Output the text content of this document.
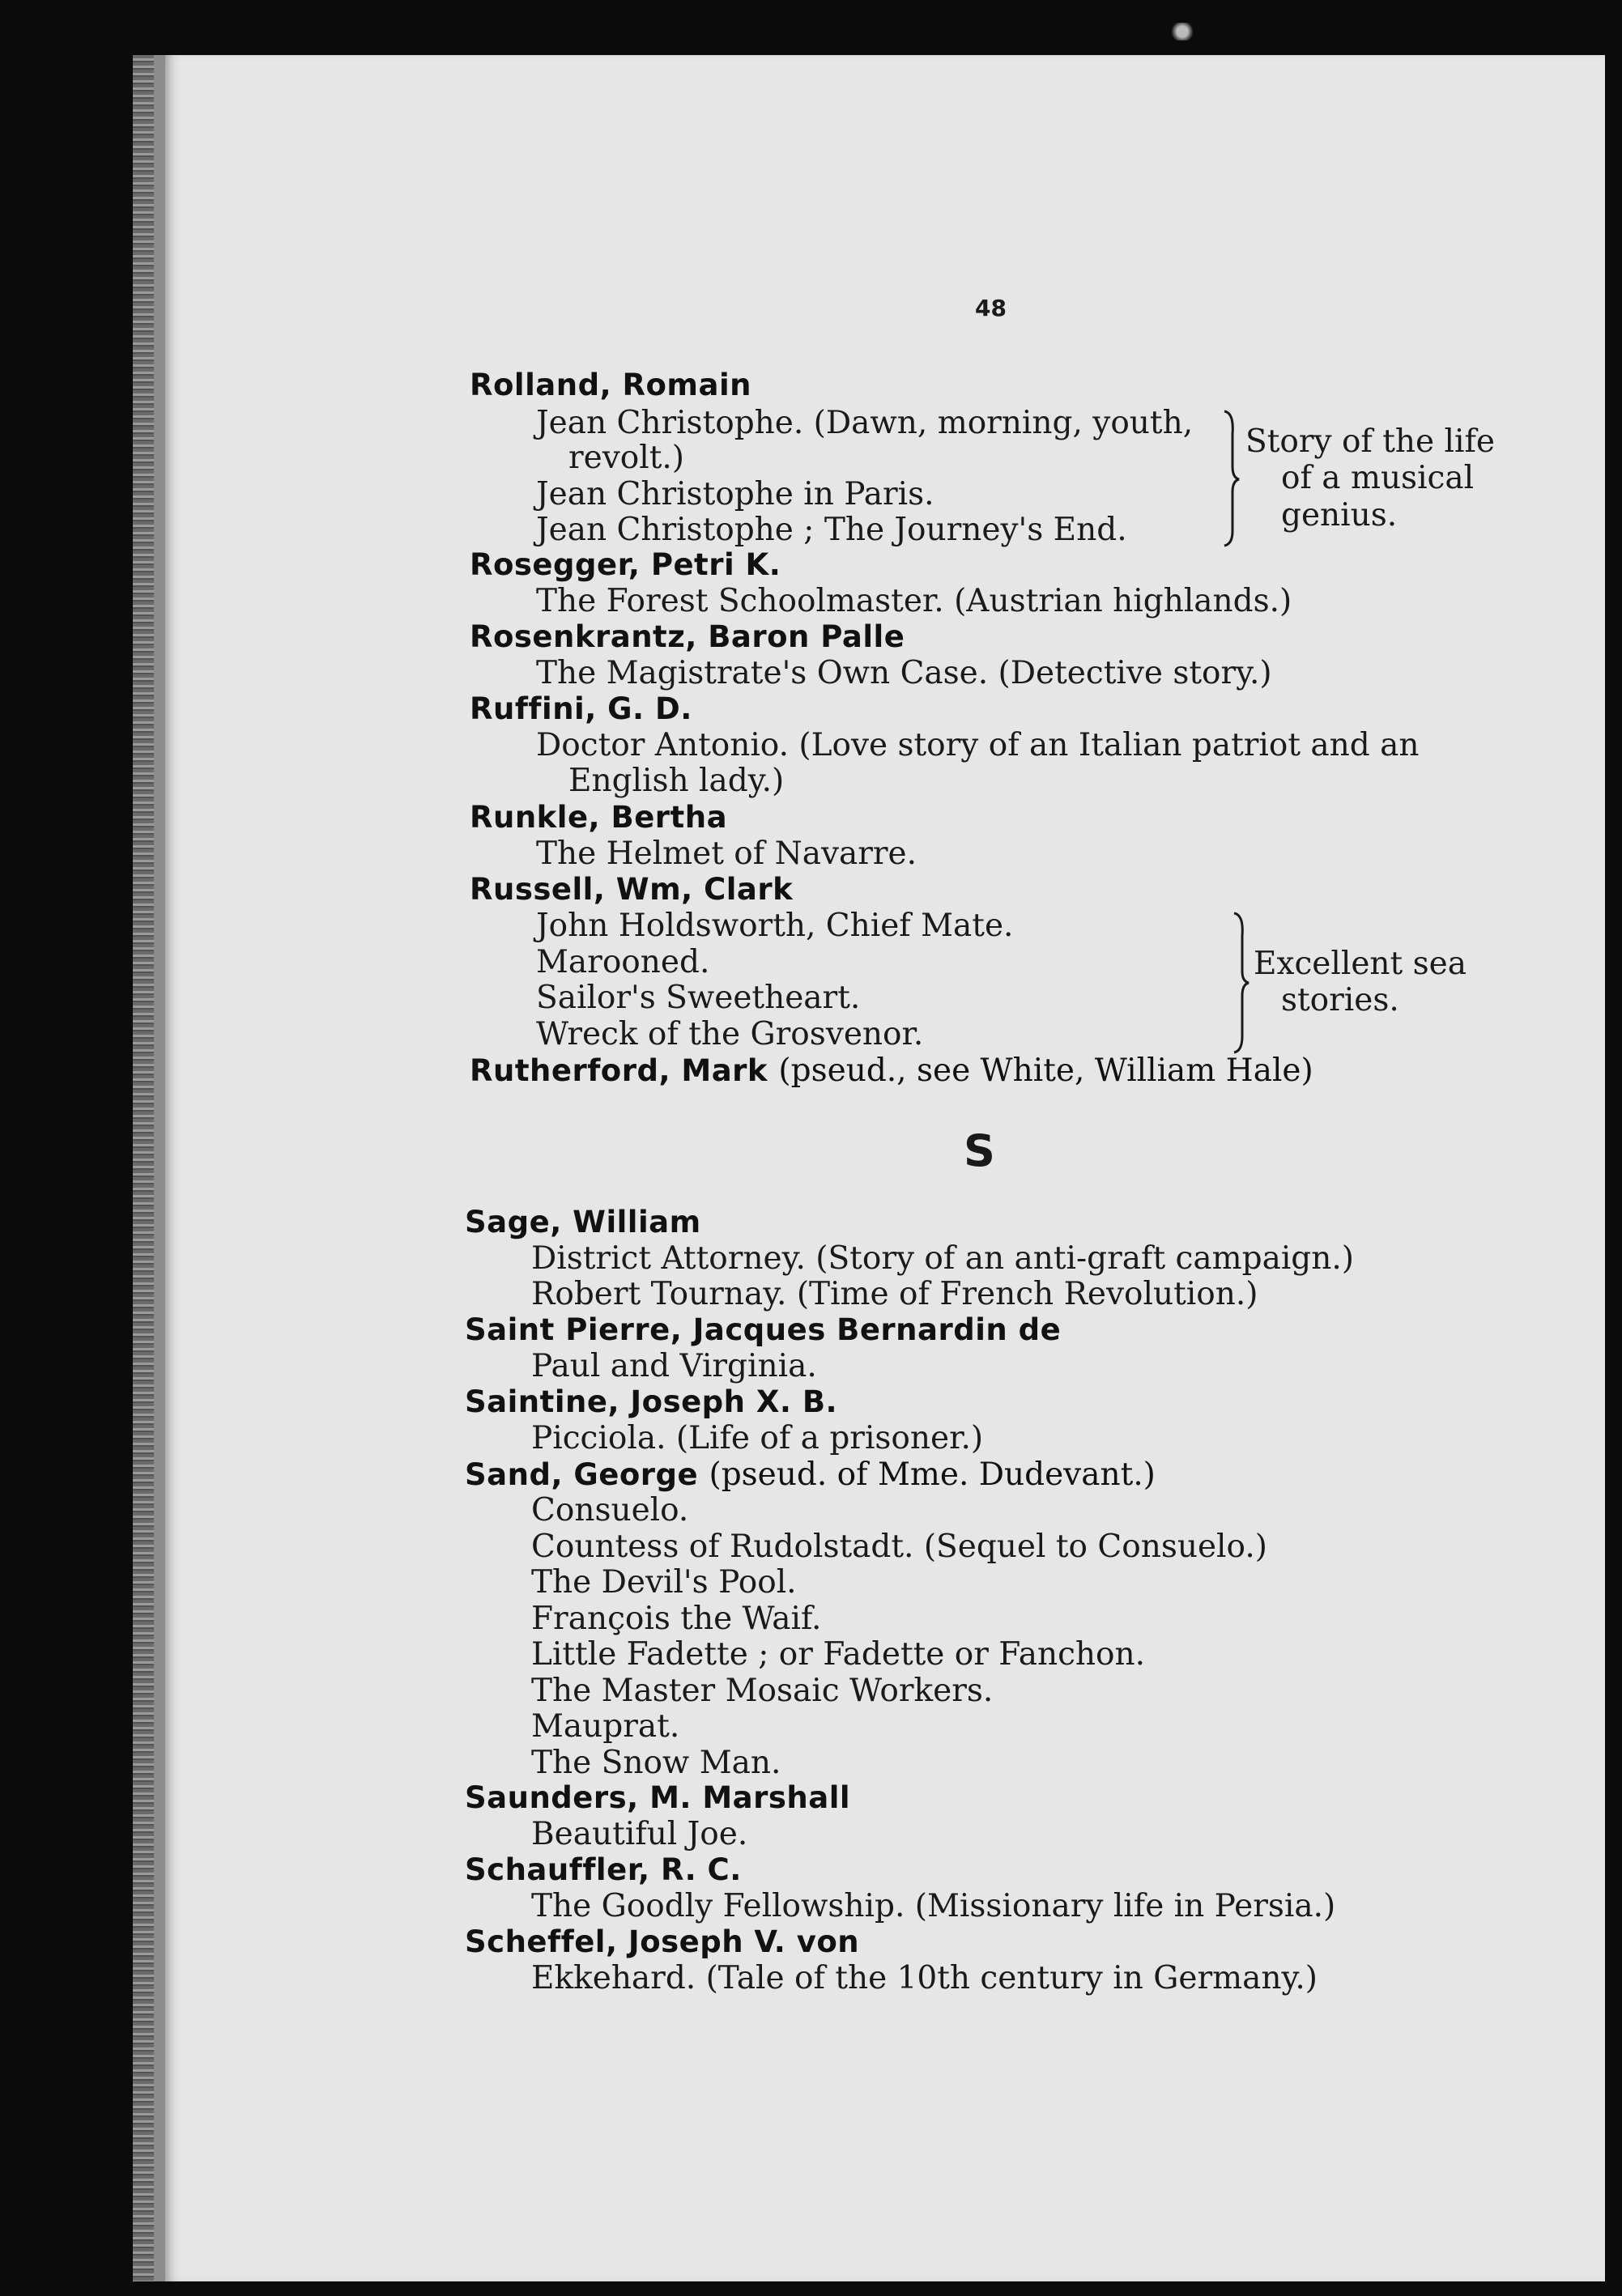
48
Rolland, Romain
Jean Christophe. (Dawn, morning, youth,
revolt.)
Jean Christophe in Paris.
Jean Christophe ; The Journey's End.
Story of the life
of a musical
genius.
Rosegger, Petri K.
The Forest Schoolmaster. (Austrian highlands.)
Rosenkrantz, Baron Palle
The Magistrate's Own Case. (Detective story.)
Ruffini, G. D.
Doctor Antonio. (Love story of an Italian patriot and an
English lady.)
Runkle, Bertha
The Helmet of Navarre.
Russell, Wm, Clark
John Holdsworth, Chief Mate.
Marooned.
Sailor's Sweetheart.
Wreck of the Grosvenor.
Excellent sea
stories.
Rutherford, Mark (pseud., see White, William Hale)
S
Sage, William
District Attorney. (Story of an anti-graft campaign.)
Robert Tournay. (Time of French Revolution.)
Saint Pierre, Jacques Bernardin de
Paul and Virginia.
Saintine, Joseph X. B.
Picciola. (Life of a prisoner.)
Sand, George (pseud. of Mme. Dudevant.)
Consuelo.
Countess of Rudolstadt. (Sequel to Consuelo.)
The Devil's Pool.
François the Waif.
Little Fadette ; or Fadette or Fanchon.
The Master Mosaic Workers.
Mauprat.
The Snow Man.
Saunders, M. Marshall
Beautiful Joe.
Schauffler, R. C.
The Goodly Fellowship. (Missionary life in Persia.)
Scheffel, Joseph V. von
Ekkehard. (Tale of the 10th century in Germany.)
